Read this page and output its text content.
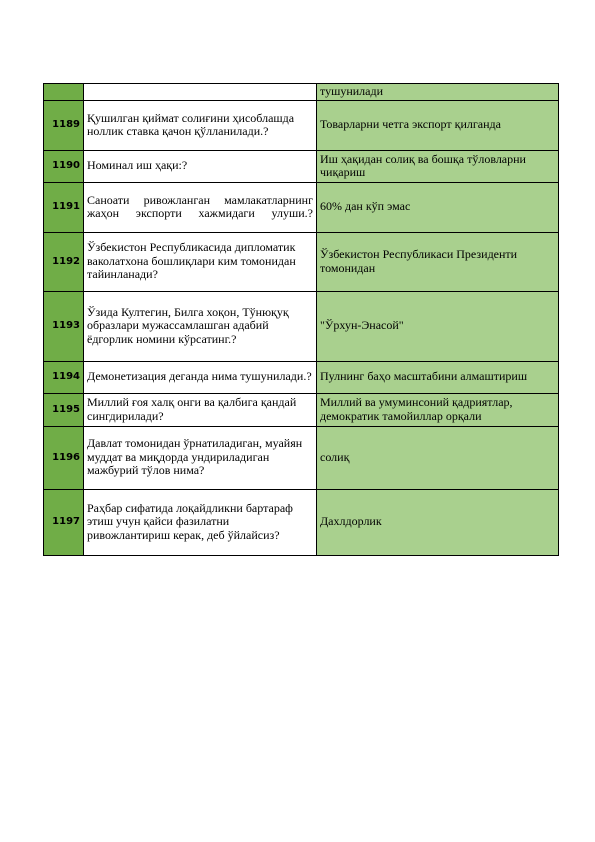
		тушунилади
1189	Қушилган қиймат солиғини ҳисоблашда ноллик ставка қачон қўлланилади.?	Товарларни четга экспорт қилганда
1190	Номинал иш ҳақи:?	Иш ҳақидан солиқ ва бошқа тўловларни чиқариш
1191	Саноати ривожланган мамлакатларнинг жаҳон экспорти хажмидаги улуши.?	60% дан кўп эмас
1192	Ўзбекистон Республикасида дипломатик ваколатхона бошлиқлари ким томонидан тайинланади?	Ўзбекистон Республикаси Президенти томонидан
1193	Ўзида Култегин, Билга хоқон, Тўнюқуқ образлари мужассамлашган адабий ёдгорлик номини кўрсатинг.?	"Ўрхун-Энасой"
1194	Демонетизация деганда нима тушунилади.?	Пулнинг баҳо масштабини алмаштириш
1195	Миллий ғоя халқ онги ва қалбига қандай сингдирилади?	Миллий ва умуминсоний қадриятлар, демократик тамойиллар орқали
1196	Давлат томонидан ўрнатиладиган, муайян муддат ва миқдорда ундириладиган мажбурий тўлов нима?	солиқ
1197	Раҳбар сифатида лоқайдликни бартараф этиш учун қайси фазилатни ривожлантириш керак, деб ўйлайсиз?	Дахлдорлик
